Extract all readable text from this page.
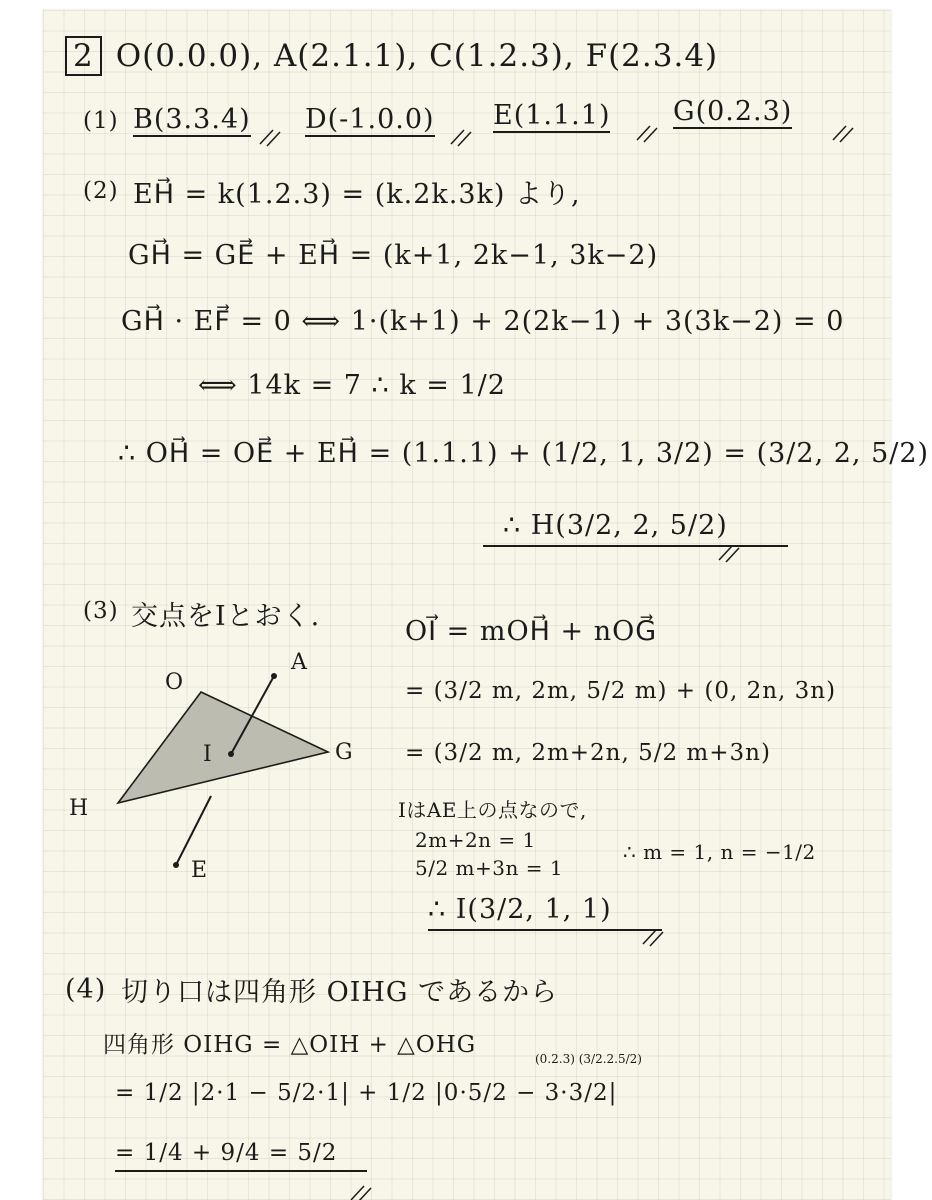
2 O(0.0.0), A(2.1.1), C(1.2.3), F(2.3.4)
(1) B(3.3.4) D(-1.0.0) E(1.1.1) G(0.2.3)
(2) EH⃗ = k(1.2.3) = (k.2k.3k) より,
GH⃗ = GE⃗ + EH⃗ = (k+1, 2k−1, 3k−2)
GH⃗ · EF⃗ = 0 ⟺ 1·(k+1) + 2(2k−1) + 3(3k−2) = 0
⟺ 14k = 7 ∴ k = 1/2
∴ OH⃗ = OE⃗ + EH⃗ = (1.1.1) + (1/2, 1, 3/2) = (3/2, 2, 5/2)
∴ H(3/2, 2, 5/2)
(3) 交点をIとおく.	OI⃗ = mOH⃗ + nOG⃗
= (3/2 m, 2m, 5/2 m) + (0, 2n, 3n)
= (3/2 m, 2m+2n, 5/2 m+3n)
IはAE上の点なので,
2m+2n = 1
5/2 m+3n = 1
∴ m = 1, n = −1/2
∴ I(3/2, 1, 1)
O
A
I	G
H
E
(4) 切り口は四角形 OIHG であるから
四角形 OIHG = △OIH + △OHG
(0.2.3) (3/2.2.5/2)
= 1/2 |2·1 − 5/2·1| + 1/2 |0·5/2 − 3·3/2|
= 1/4 + 9/4 = 5/2
